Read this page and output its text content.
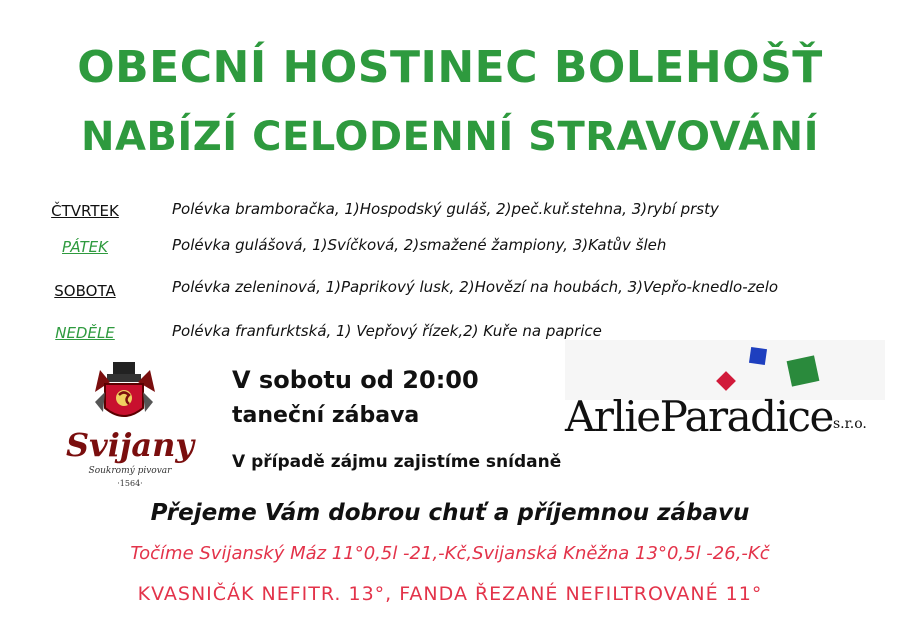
OBECNÍ HOSTINEC BOLEHOŠŤ
NABÍZÍ CELODENNÍ STRAVOVÁNÍ
ČTVRTEK	Polévka bramboračka, 1)Hospodský guláš, 2)peč.kuř.stehna, 3)rybí prsty
PÁTEK	Polévka gulášová, 1)Svíčková, 2)smažené žampiony, 3)Katův šleh
SOBOTA	Polévka zeleninová, 1)Paprikový lusk, 2)Hovězí na houbách, 3)Vepřo-knedlo-zelo
NEDĚLE	Polévka franfurktská, 1) Vepřový řízek,2) Kuře na paprice
Svijany
Soukromý pivovar
·1564·
V sobotu od 20:00
taneční zábava
V případě zájmu zajistíme snídaně
ArlieParadice s.r.o.
Přejeme Vám dobrou chuť a příjemnou zábavu
Točíme Svijanský Máz 11°0,5l -21,-Kč,Svijanská Kněžna 13°0,5l -26,-Kč
KVASNIČÁK NEFITR. 13°, FANDA ŘEZANÉ NEFILTROVANÉ 11°
